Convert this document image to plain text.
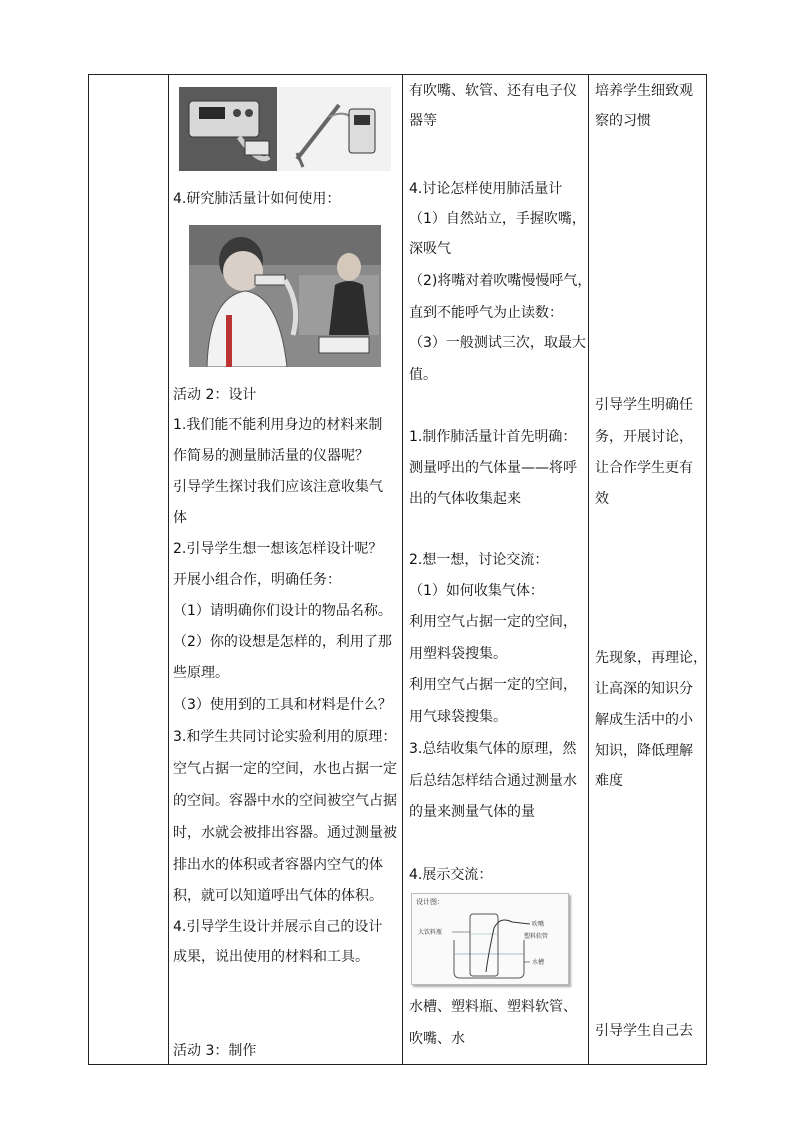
4.研究肺活量计如何使用：
活动 2：设计
1.我们能不能利用身边的材料来制
作简易的测量肺活量的仪器呢？
引导学生探讨我们应该注意收集气
体
2.引导学生想一想该怎样设计呢？
开展小组合作，明确任务：
（1）请明确你们设计的物品名称。
（2）你的设想是怎样的，利用了那
些原理。
（3）使用到的工具和材料是什么？
3.和学生共同讨论实验利用的原理：
空气占据一定的空间，水也占据一定
的空间。容器中水的空间被空气占据
时，水就会被排出容器。通过测量被
排出水的体积或者容器内空气的体
积，就可以知道呼出气体的体积。
4.引导学生设计并展示自己的设计
成果，说出使用的材料和工具。
活动 3：制作
有吹嘴、软管、还有电子仪
器等
4.讨论怎样使用肺活量计
（1）自然站立，手握吹嘴，
深吸气
（2)将嘴对着吹嘴慢慢呼气，
直到不能呼气为止读数：
（3）一般测试三次，取最大
值。
1.制作肺活量计首先明确：
测量呼出的气体量——将呼
出的气体收集起来
2.想一想，讨论交流：
（1）如何收集气体：
利用空气占据一定的空间，
用塑料袋搜集。
利用空气占据一定的空间，
用气球袋搜集。
3.总结收集气体的原理，然
后总结怎样结合通过测量水
的量来测量气体的量
4.展示交流：
设计图：
吹嘴
塑料软管
大饮料瓶
水槽
水槽、塑料瓶、塑料软管、
吹嘴、水
培养学生细致观
察的习惯
引导学生明确任
务，开展讨论，
让合作学生更有
效
先现象，再理论，
让高深的知识分
解成生活中的小
知识，降低理解
难度
引导学生自己去
